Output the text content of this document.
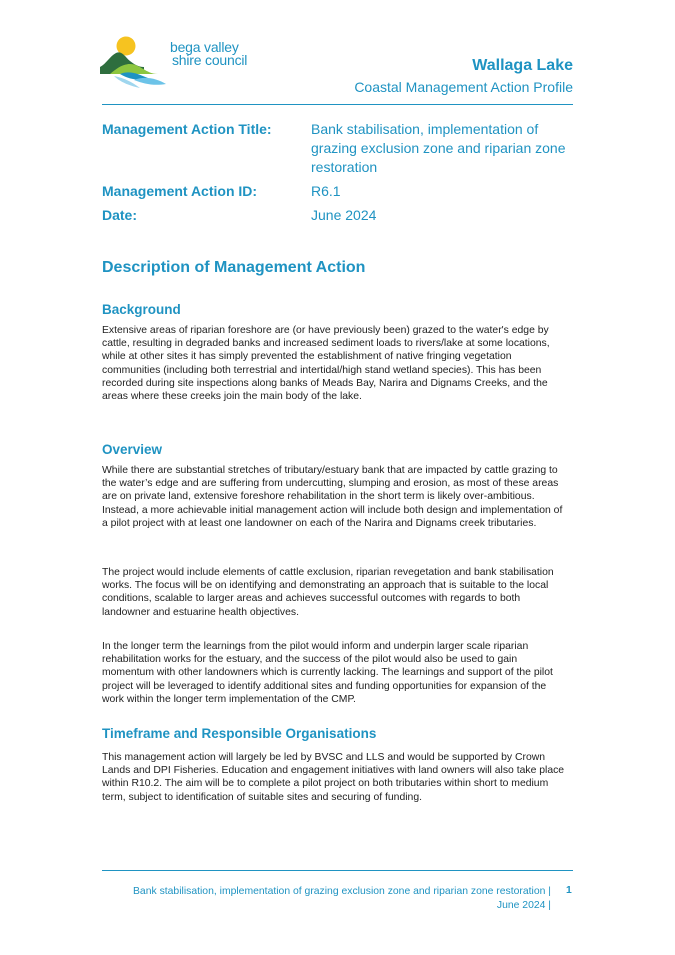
bega valley
shire council	Wallaga Lake
Coastal Management Action Profile
Management Action Title:	Bank stabilisation, implementation of grazing exclusion zone and riparian zone restoration
Management Action ID:	R6.1
Date:	June 2024
Description of Management Action
Background
Extensive areas of riparian foreshore are (or have previously been) grazed to the water's edge by cattle, resulting in degraded banks and increased sediment loads to rivers/lake at some locations, while at other sites it has simply prevented the establishment of native fringing vegetation communities (including both terrestrial and intertidal/high stand wetland species). This has been recorded during site inspections along banks of Meads Bay, Narira and Dignams Creeks, and the areas where these creeks join the main body of the lake.
Overview
While there are substantial stretches of tributary/estuary bank that are impacted by cattle grazing to the water’s edge and are suffering from undercutting, slumping and erosion, as most of these areas are on private land, extensive foreshore rehabilitation in the short term is likely over-ambitious. Instead, a more achievable initial management action will include both design and implementation of a pilot project with at least one landowner on each of the Narira and Dignams creek tributaries.
The project would include elements of cattle exclusion, riparian revegetation and bank stabilisation works. The focus will be on identifying and demonstrating an approach that is suitable to the local conditions, scalable to larger areas and achieves successful outcomes with regards to both landowner and estuarine health objectives.
In the longer term the learnings from the pilot would inform and underpin larger scale riparian rehabilitation works for the estuary, and the success of the pilot would also be used to gain momentum with other landowners which is currently lacking. The learnings and support of the pilot project will be leveraged to identify additional sites and funding opportunities for expansion of the work within the longer term implementation of the CMP.
Timeframe and Responsible Organisations
This management action will largely be led by BVSC and LLS and would be supported by Crown Lands and DPI Fisheries. Education and engagement initiatives with land owners will also take place within R10.2. The aim will be to complete a pilot project on both tributaries within short to medium term, subject to identification of suitable sites and securing of funding.
Bank stabilisation, implementation of grazing exclusion zone and riparian zone restoration |
June 2024 |
1
